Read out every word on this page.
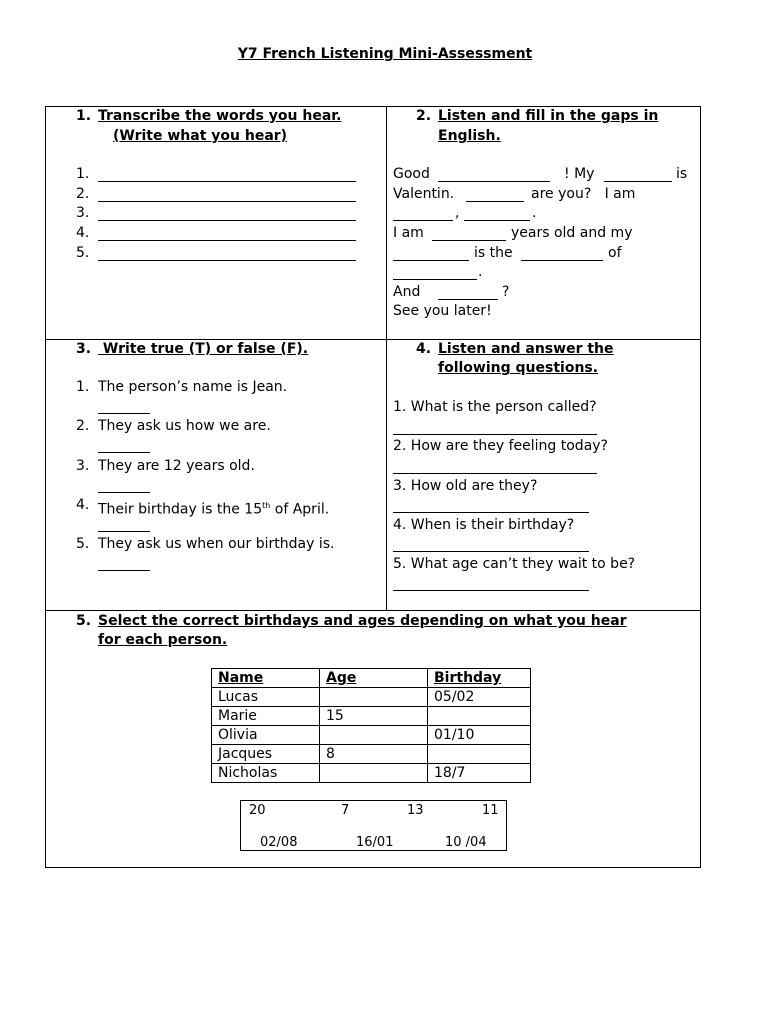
Y7 French Listening Mini-Assessment
1. Transcribe the words you hear.
(Write what you hear)
1.
2.
3.
4.
5.
2. Listen and fill in the gaps in
English.
Good	! My	is
Valentin.	are you?   I am
,	.
I am	years old and my
is the	of
.
And	?
See you later!
3. Write true (T) or false (F).
1. The person’s name is Jean.
2. They ask us how we are.
3. They are 12 years old.
4. Their birthday is the 15th of April.
5. They ask us when our birthday is.
4. Listen and answer the
following questions.
1. What is the person called?
2. How are they feeling today?
3. How old are they?
4. When is their birthday?
5. What age can’t they wait to be?
5. Select the correct birthdays and ages depending on what you hear
for each person.
Name	Age	Birthday
Lucas		05/02
Marie	15	
Olivia		01/10
Jacques	8	
Nicholas		18/7
20	7	13	11
02/08	16/01	10 /04
